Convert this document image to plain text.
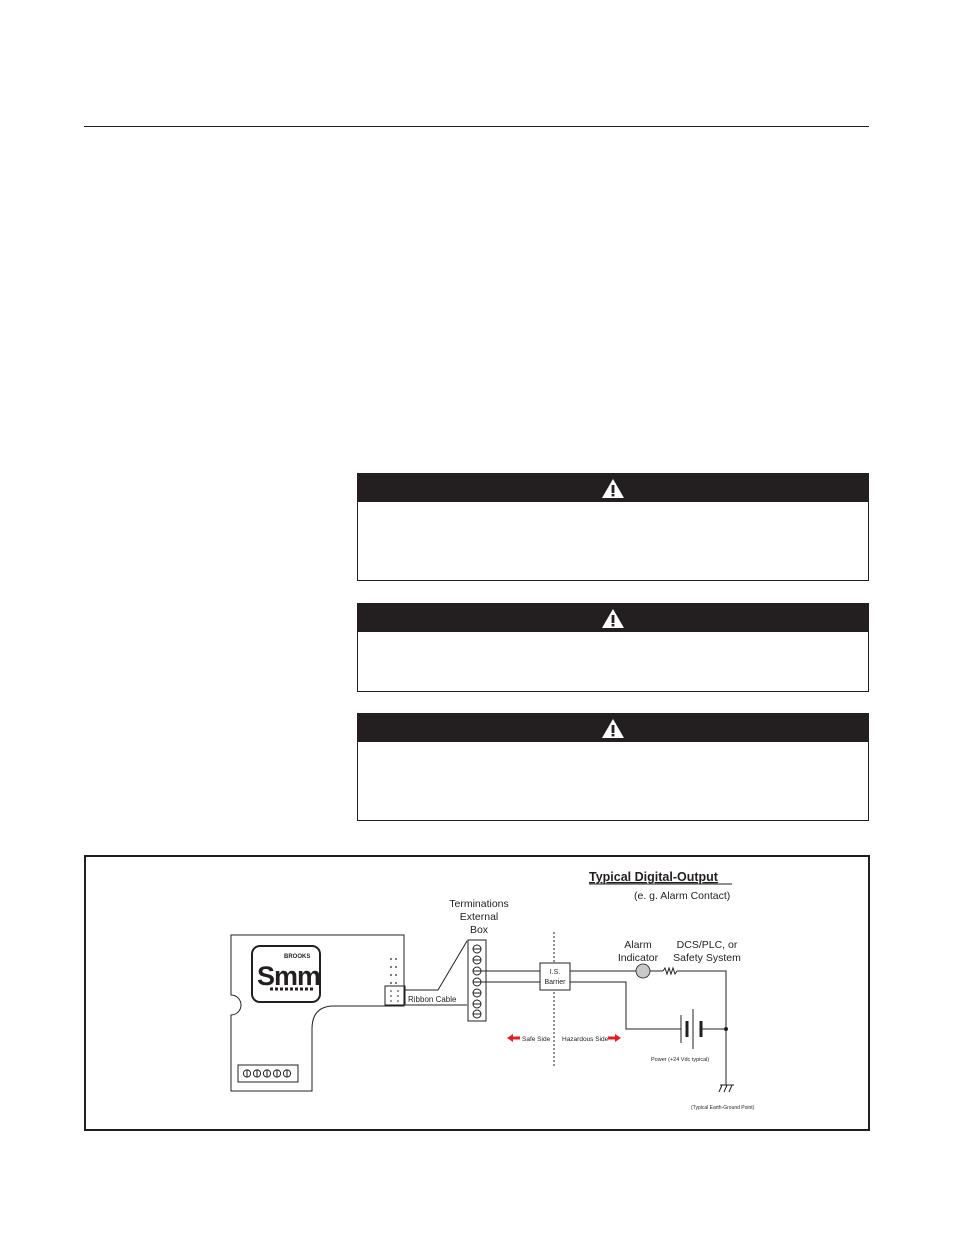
Typical Digital-Output
(e. g. Alarm Contact)
BROOKS
Smm
Ribbon Cable
Terminations
External
Box
I.S.
Barrier
Alarm
Indicator
DCS/PLC, or
Safety System
Power (+24 Vdc typical)
(Typical Earth-Ground Point)
Safe Side Hazardous Side
